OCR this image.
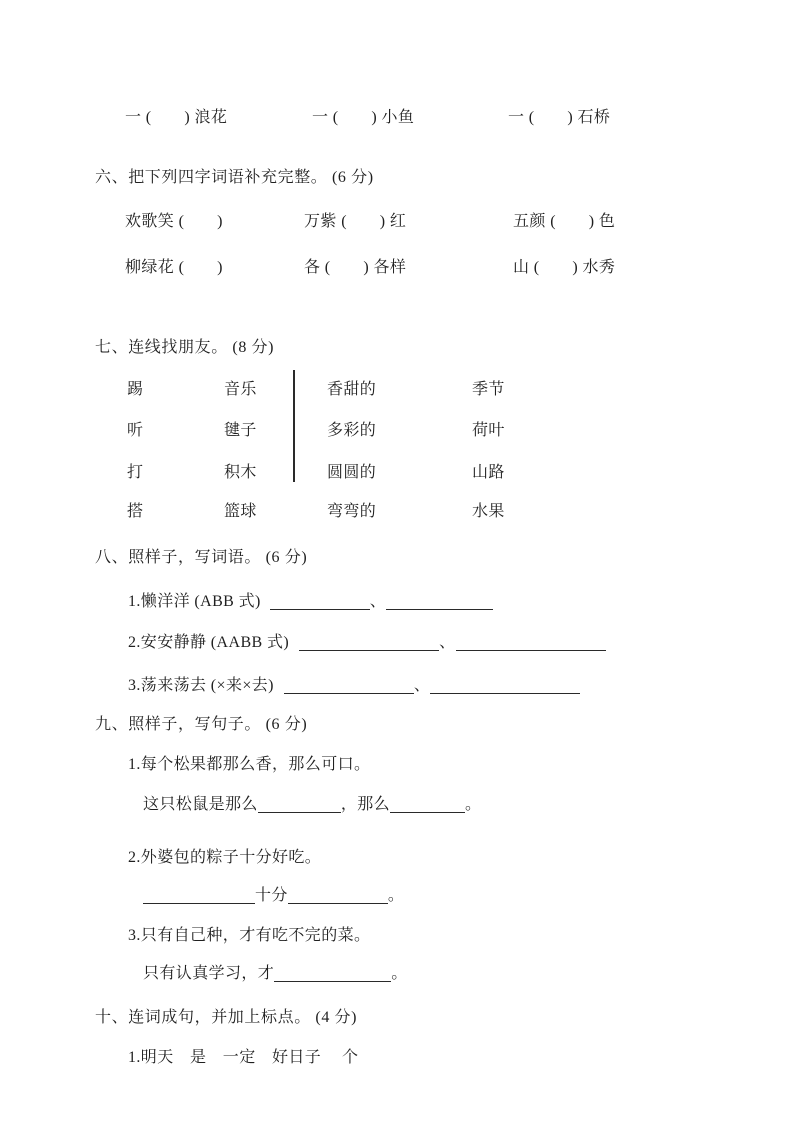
一 (　　) 浪花	一 (　　) 小鱼	一 (　　) 石桥
六、把下列四字词语补充完整。 (6 分)
欢歌笑 (　　)	万紫 (　　) 红	五颜 (　　) 色
柳绿花 (　　)	各 (　　) 各样	山 (　　) 水秀
七、连线找朋友。 (8 分)
踢	音乐	香甜的	季节
听	毽子	多彩的	荷叶
打	积木	圆圆的	山路
搭	篮球	弯弯的	水果
八、照样子，写词语。 (6 分)
1.懒洋洋 (ABB 式)	、
2.安安静静 (AABB 式)	、
3.荡来荡去 (×来×去)	、
九、照样子，写句子。 (6 分)
1.每个松果都那么香，那么可口。
这只松鼠是那么	，那么	。
2.外婆包的粽子十分好吃。
十分	。
3.只有自己种，才有吃不完的菜。
只有认真学习，才	。
十、连词成句，并加上标点。 (4 分)
1.明天　是　一定　好日子　 个
